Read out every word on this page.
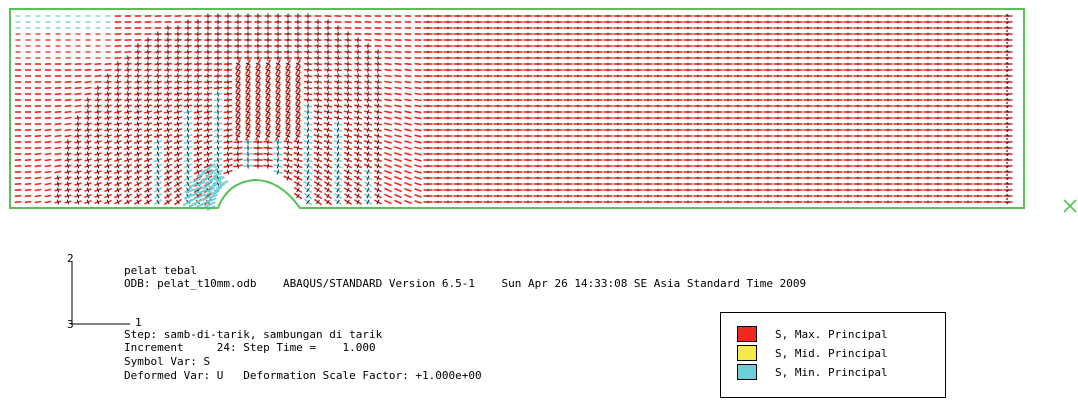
2
1
3
pelat tebal
ODB: pelat_t10mm.odb    ABAQUS/STANDARD Version 6.5-1    Sun Apr 26 14:33:08 SE Asia Standard Time 2009
Step: samb-di-tarik, sambungan di tarik
Increment     24: Step Time =    1.000
Symbol Var: S
Deformed Var: U   Deformation Scale Factor: +1.000e+00
S, Max. Principal
S, Mid. Principal
S, Min. Principal
